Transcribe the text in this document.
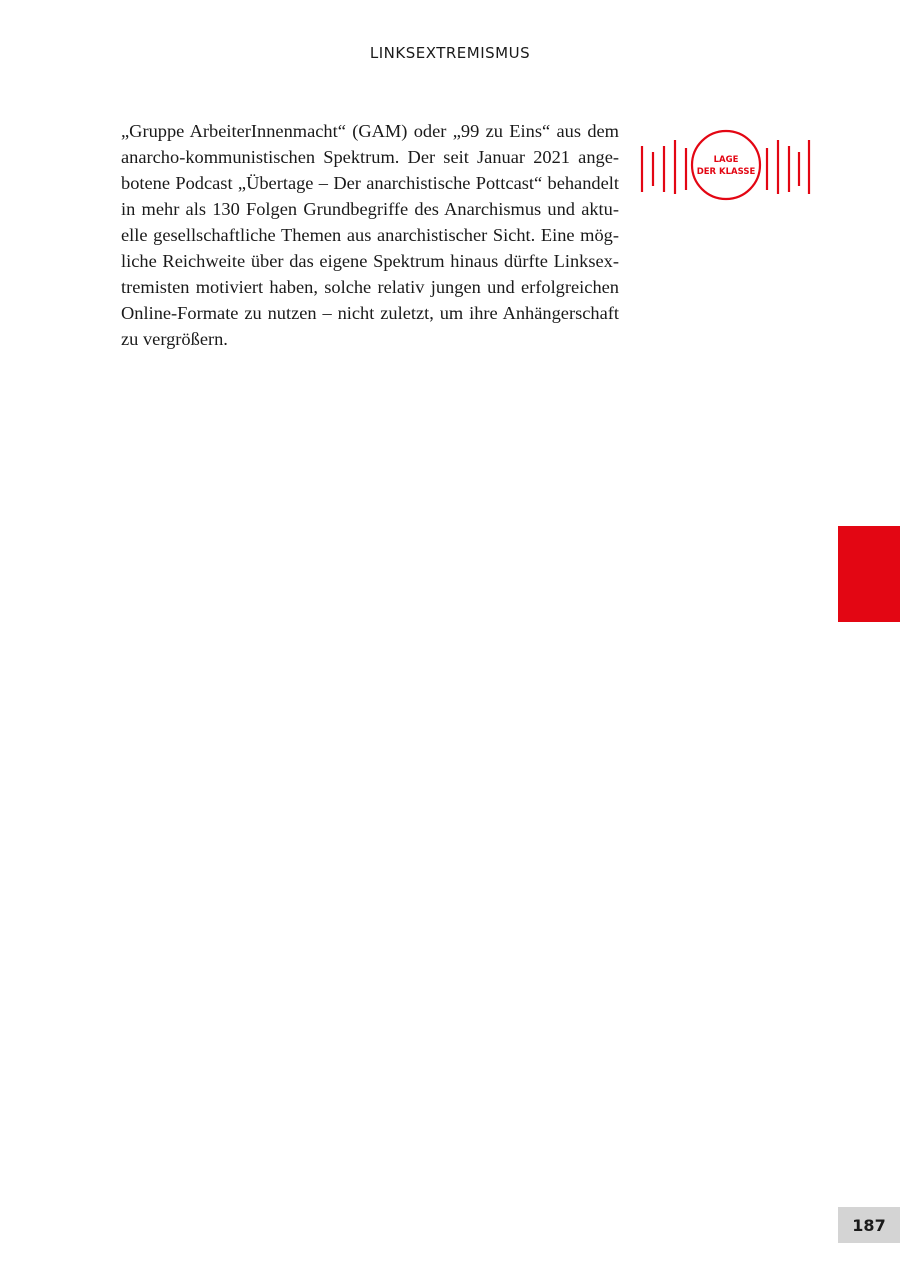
LINKSEXTREMISMUS

„Gruppe ArbeiterInnenmacht“ (GAM) oder „99 zu Eins“ aus dem anarcho-kommunistischen Spektrum. Der seit Januar 2021 angebotene Podcast „Übertage – Der anarchistische Pottcast“ behandelt in mehr als 130 Folgen Grundbegriffe des Anarchismus und aktuelle gesellschaftliche Themen aus anarchistischer Sicht. Eine mögliche Reichweite über das eigene Spektrum hinaus dürfte Linksextremisten motiviert haben, solche relativ jungen und erfolgreichen Online-Formate zu nutzen – nicht zuletzt, um ihre Anhängerschaft zu vergrößern.

LAGE
DER KLASSE
187
